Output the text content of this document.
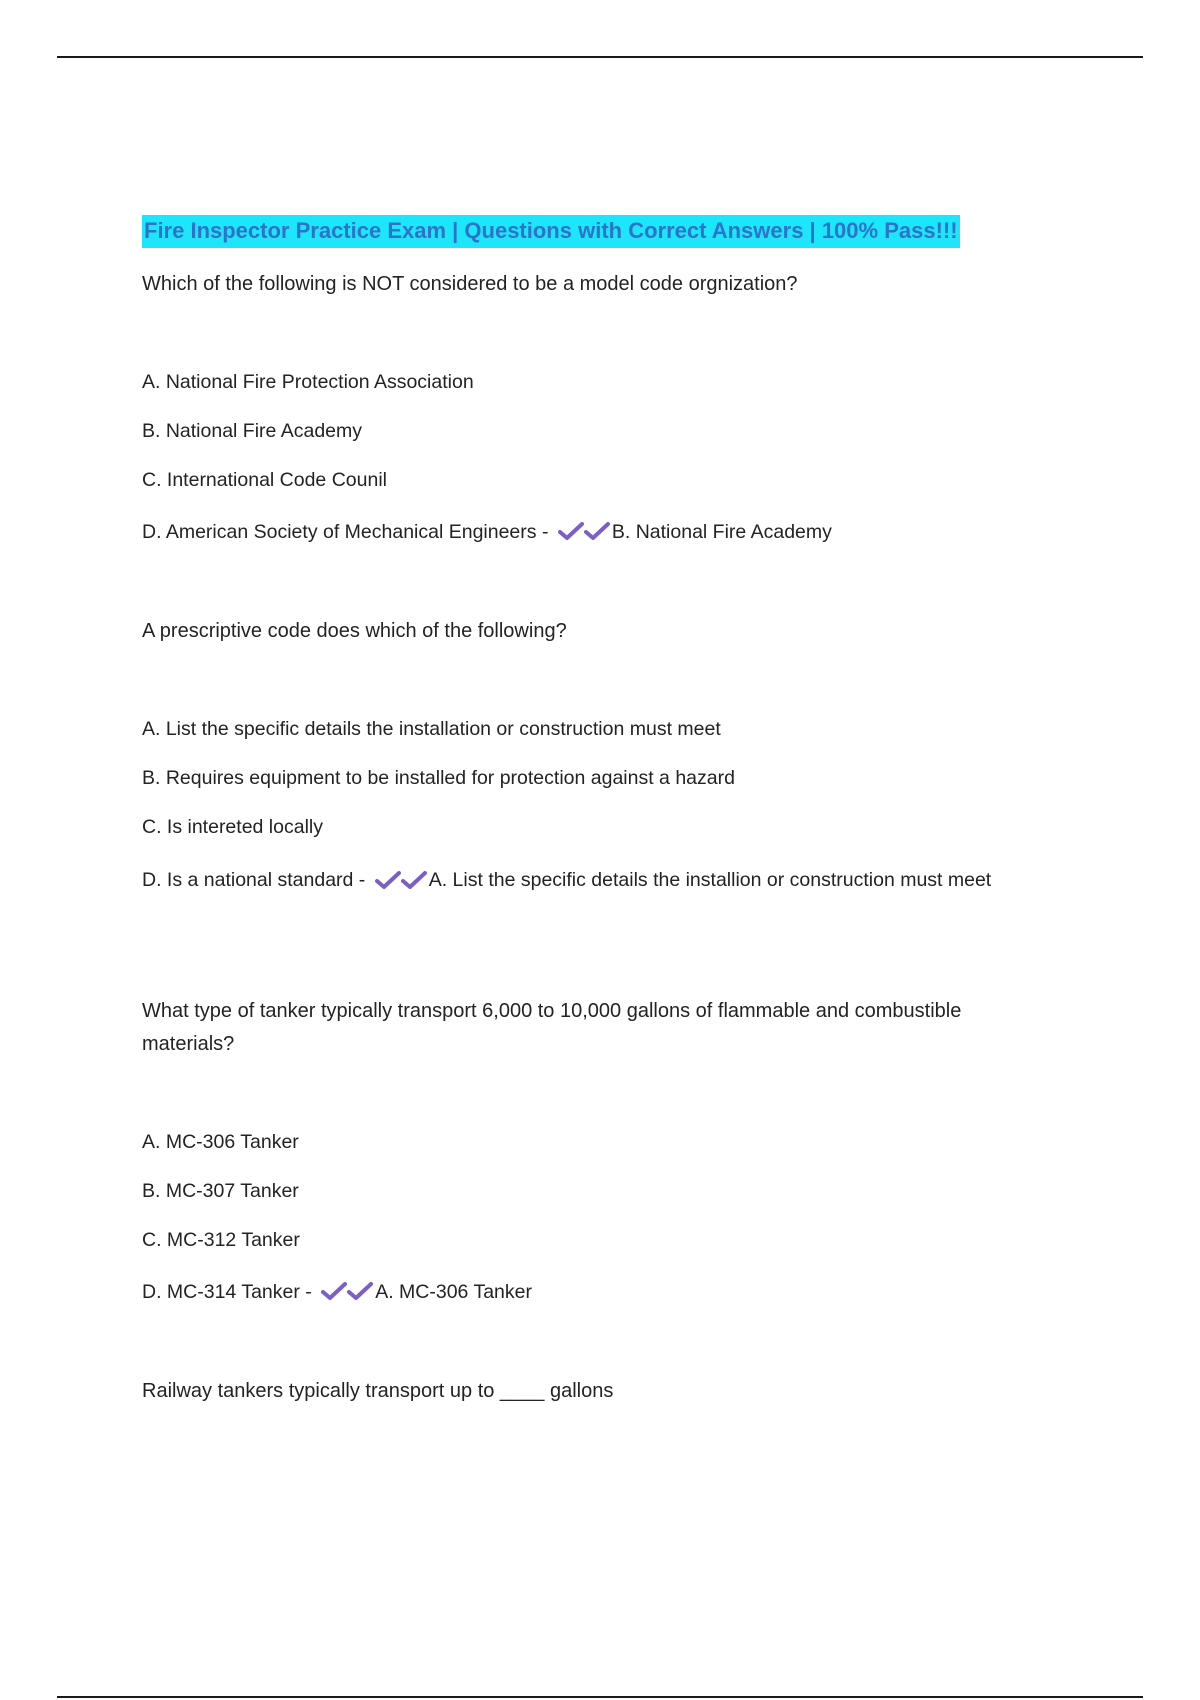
Fire Inspector Practice Exam | Questions with Correct Answers | 100% Pass!!!

Which of the following is NOT considered to be a model code orgnization?

A. National Fire Protection Association
B. National Fire Academy
C. International Code Counil
D. American Society of Mechanical Engineers -	B. National Fire Academy

A prescriptive code does which of the following?

A. List the specific details the installation or construction must meet
B. Requires equipment to be installed for protection against a hazard
C. Is intereted locally
D. Is a national standard -	A. List the specific details the installion or construction must meet

What type of tanker typically transport 6,000 to 10,000 gallons of flammable and combustible materials?

A. MC-306 Tanker
B. MC-307 Tanker
C. MC-312 Tanker
D. MC-314 Tanker -	A. MC-306 Tanker

Railway tankers typically transport up to ____ gallons
